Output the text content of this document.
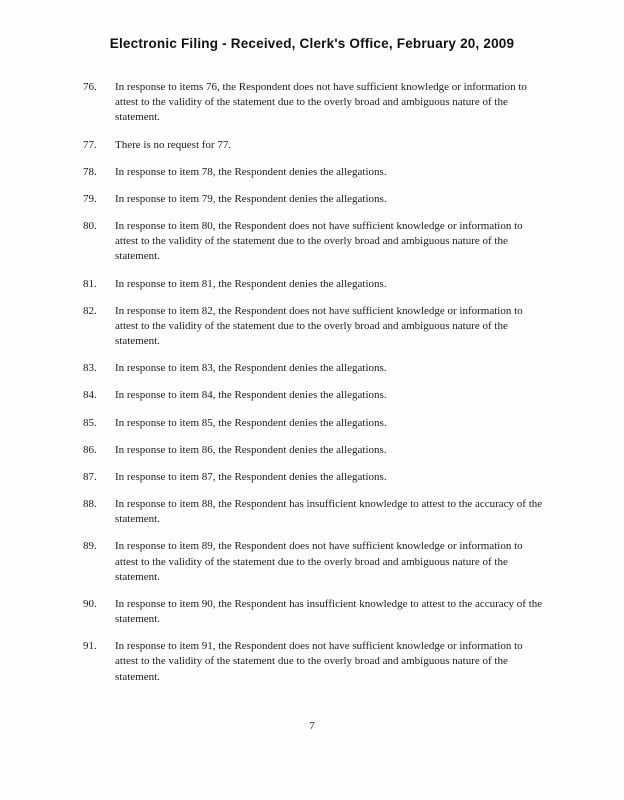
Electronic Filing - Received, Clerk's Office, February 20, 2009
76.	In response to items 76, the Respondent does not have sufficient knowledge or information to attest to the validity of the statement due to the overly broad and ambiguous nature of the statement.
77.	There is no request for 77.
78.	In response to item 78, the Respondent denies the allegations.
79.	In response to item 79, the Respondent denies the allegations.
80.	In response to item 80, the Respondent does not have sufficient knowledge or information to attest to the validity of the statement due to the overly broad and ambiguous nature of the statement.
81.	In response to item 81, the Respondent denies the allegations.
82.	In response to item 82, the Respondent does not have sufficient knowledge or information to attest to the validity of the statement due to the overly broad and ambiguous nature of the statement.
83.	In response to item 83, the Respondent denies the allegations.
84.	In response to item 84, the Respondent denies the allegations.
85.	In response to item 85, the Respondent denies the allegations.
86.	In response to item 86, the Respondent denies the allegations.
87.	In response to item 87, the Respondent denies the allegations.
88.	In response to item 88, the Respondent has insufficient knowledge to attest to the accuracy of the statement.
89.	In response to item 89, the Respondent does not have sufficient knowledge or information to attest to the validity of the statement due to the overly broad and ambiguous nature of the statement.
90.	In response to item 90, the Respondent has insufficient knowledge to attest to the accuracy of the statement.
91.	In response to item 91, the Respondent does not have sufficient knowledge or information to attest to the validity of the statement due to the overly broad and ambiguous nature of the statement.
7
